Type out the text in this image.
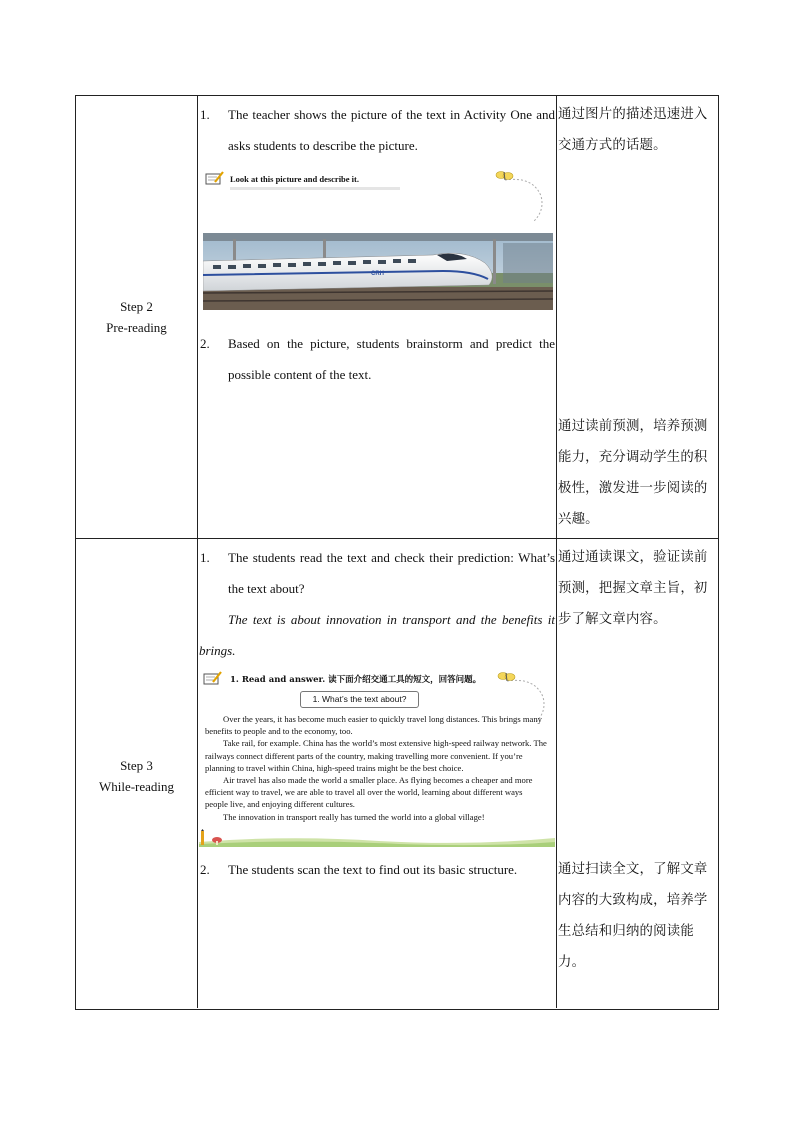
Step 2
Pre-reading
1. The teacher shows the picture of the text in Activity One and asks students to describe the picture.
Look at this picture and describe it.
CRH
2. Based on the picture, students brainstorm and predict the possible content of the text.
通过图片的描述迅速进入交通方式的话题。
通过读前预测，培养预测能力，充分调动学生的积极性，激发进一步阅读的兴趣。
Step 3
While-reading
1. The students read the text and check their prediction: What’s the text about?
The text is about innovation in transport and the benefits it brings.
2. The students scan the text to find out its basic structure.
通过通读课文，验证读前预测，把握文章主旨，初步了解文章内容。
通过扫读全文，了解文章内容的大致构成，培养学生总结和归纳的阅读能力。
1. Read and answer. 读下面介绍交通工具的短文，回答问题。
1. What’s the text about?

Over the years, it has become much easier to quickly travel long distances. This brings many benefits to people and to the economy, too.

Take rail, for example. China has the world’s most extensive high-speed railway network. The railways connect different parts of the country, making travelling more convenient. If you’re planning to travel within China, high-speed trains might be the best choice.

Air travel has also made the world a smaller place. As flying becomes a cheaper and more efficient way to travel, we are able to travel all over the world, learning about different ways people live, and enjoying different cultures.

The innovation in transport really has turned the world into a global village!
